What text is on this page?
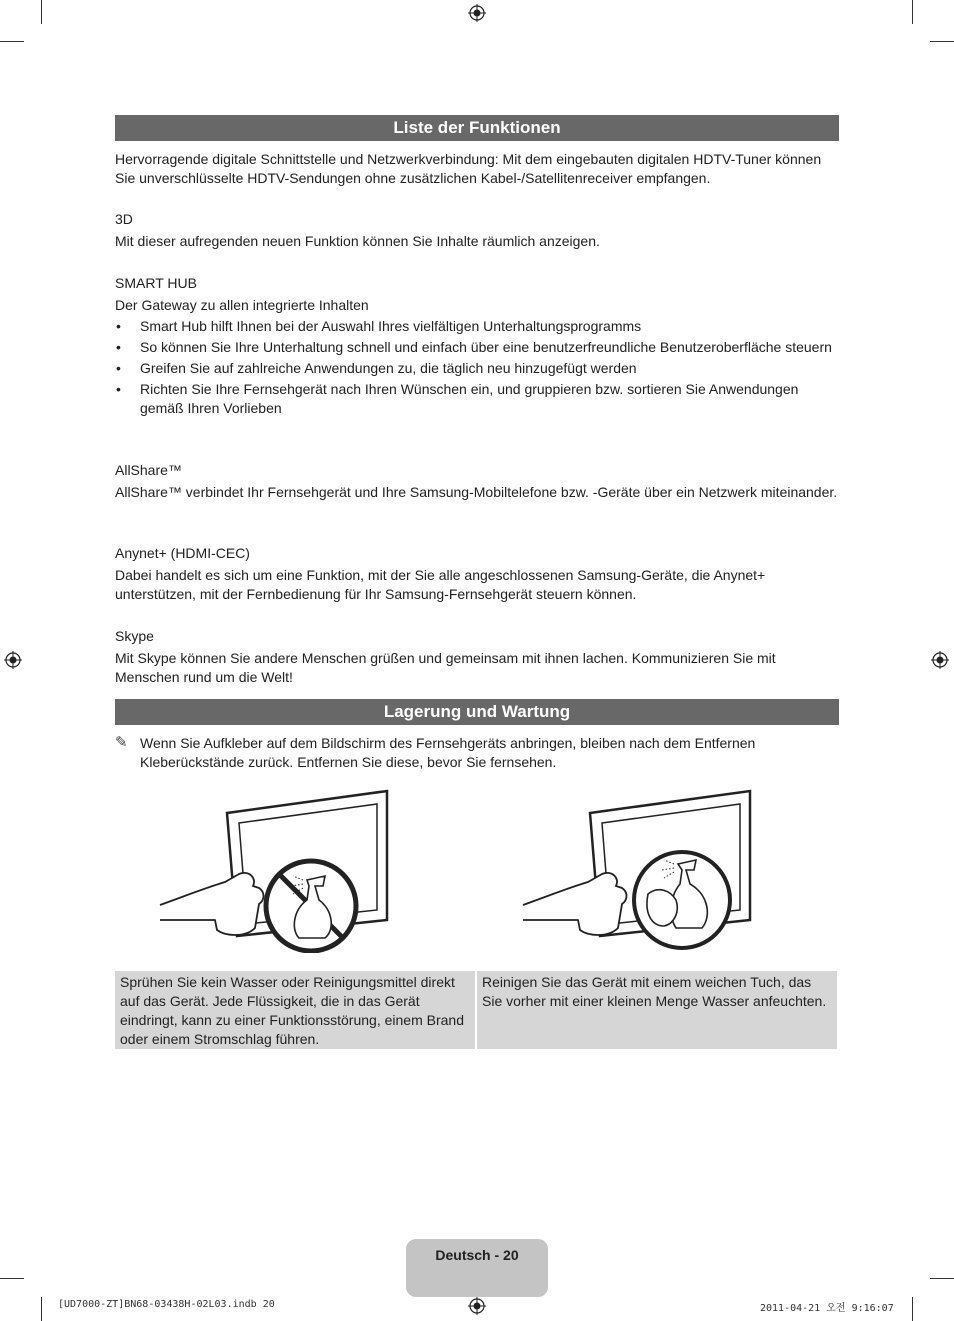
Liste der Funktionen

Hervorragende digitale Schnittstelle und Netzwerkverbindung: Mit dem eingebauten digitalen HDTV-Tuner können Sie unverschlüsselte HDTV-Sendungen ohne zusätzlichen Kabel-/Satellitenreceiver empfangen.

3D

Mit dieser aufregenden neuen Funktion können Sie Inhalte räumlich anzeigen.

SMART HUB

Der Gateway zu allen integrierte Inhalten

• Smart Hub hilft Ihnen bei der Auswahl Ihres vielfältigen Unterhaltungsprogramms
• So können Sie Ihre Unterhaltung schnell und einfach über eine benutzerfreundliche Benutzeroberfläche steuern
• Greifen Sie auf zahlreiche Anwendungen zu, die täglich neu hinzugefügt werden
• Richten Sie Ihre Fernsehgerät nach Ihren Wünschen ein, und gruppieren bzw. sortieren Sie Anwendungen gemäß Ihren Vorlieben

AllShare™

AllShare™ verbindet Ihr Fernsehgerät und Ihre Samsung-Mobiltelefone bzw. -Geräte über ein Netzwerk miteinander.

Anynet+ (HDMI-CEC)

Dabei handelt es sich um eine Funktion, mit der Sie alle angeschlossenen Samsung-Geräte, die Anynet+ unterstützen, mit der Fernbedienung für Ihr Samsung-Fernsehgerät steuern können.

Skype

Mit Skype können Sie andere Menschen grüßen und gemeinsam mit ihnen lachen. Kommunizieren Sie mit Menschen rund um die Welt!

Lagerung und Wartung
✎ Wenn Sie Aufkleber auf dem Bildschirm des Fernsehgeräts anbringen, bleiben nach dem Entfernen Kleberückstände zurück. Entfernen Sie diese, bevor Sie fernsehen.

Sprühen Sie kein Wasser oder Reinigungsmittel direkt auf das Gerät. Jede Flüssigkeit, die in das Gerät eindringt, kann zu einer Funktionsstörung, einem Brand oder einem Stromschlag führen.
Reinigen Sie das Gerät mit einem weichen Tuch, das Sie vorher mit einer kleinen Menge Wasser anfeuchten.
Deutsch - 20
[UD7000-ZT]BN68-03438H-02L03.indb 20	2011-04-21 오전 9:16:07
